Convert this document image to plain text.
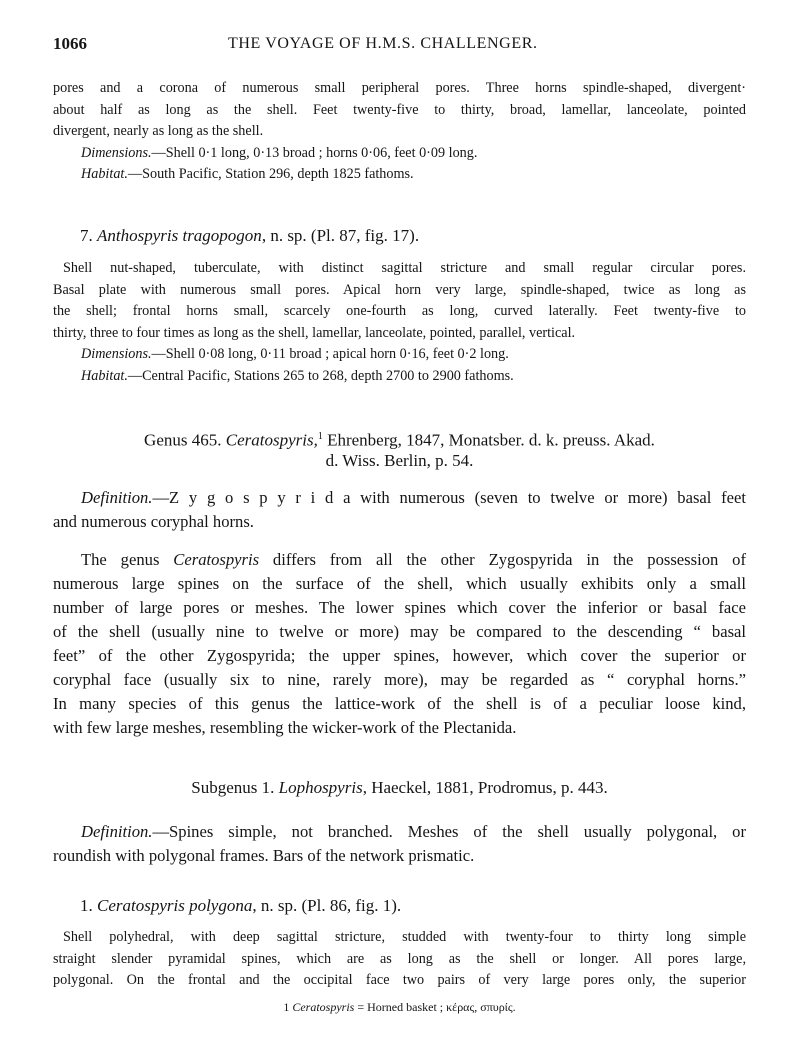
1066	THE VOYAGE OF H.M.S. CHALLENGER.
pores and a corona of numerous small peripheral pores. Three horns spindle-shaped, divergent·
about half as long as the shell. Feet twenty-five to thirty, broad, lamellar, lanceolate, pointed
divergent, nearly as long as the shell.
Dimensions.—Shell 0·1 long, 0·13 broad ; horns 0·06, feet 0·09 long.
Habitat.—South Pacific, Station 296, depth 1825 fathoms.
7. Anthospyris tragopogon, n. sp. (Pl. 87, fig. 17).
Shell nut-shaped, tuberculate, with distinct sagittal stricture and small regular circular pores.
Basal plate with numerous small pores. Apical horn very large, spindle-shaped, twice as long as
the shell; frontal horns small, scarcely one-fourth as long, curved laterally. Feet twenty-five to
thirty, three to four times as long as the shell, lamellar, lanceolate, pointed, parallel, vertical.
Dimensions.—Shell 0·08 long, 0·11 broad ; apical horn 0·16, feet 0·2 long.
Habitat.—Central Pacific, Stations 265 to 268, depth 2700 to 2900 fathoms.
Genus 465. Ceratospyris,$^1$ Ehrenberg, 1847, Monatsber. d. k. preuss. Akad.
d. Wiss. Berlin, p. 54.
Definition.—Z y g o s p y r i d a with numerous (seven to twelve or more) basal feet
and numerous coryphal horns.
The genus Ceratospyris differs from all the other Zygospyrida in the possession of
numerous large spines on the surface of the shell, which usually exhibits only a small
number of large pores or meshes. The lower spines which cover the inferior or basal face
of the shell (usually nine to twelve or more) may be compared to the descending “ basal
feet” of the other Zygospyrida; the upper spines, however, which cover the superior or
coryphal face (usually six to nine, rarely more), may be regarded as “ coryphal horns.”
In many species of this genus the lattice-work of the shell is of a peculiar loose kind,
with few large meshes, resembling the wicker-work of the Plectanida.
Subgenus 1. Lophospyris, Haeckel, 1881, Prodromus, p. 443.
Definition.—Spines simple, not branched. Meshes of the shell usually polygonal, or
roundish with polygonal frames. Bars of the network prismatic.
1. Ceratospyris polygona, n. sp. (Pl. 86, fig. 1).
Shell polyhedral, with deep sagittal stricture, studded with twenty-four to thirty long simple
straight slender pyramidal spines, which are as long as the shell or longer. All pores large,
polygonal. On the frontal and the occipital face two pairs of very large pores only, the superior
1 Ceratospyris = Horned basket ; κέρας, σπυρίς.
